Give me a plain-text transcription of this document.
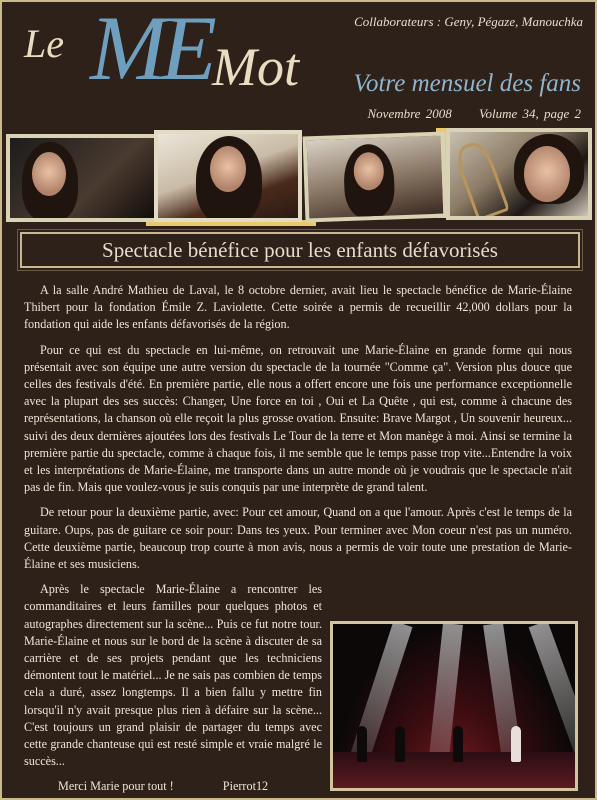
Le ME Mot
Collaborateurs : Geny, Pégaze, Manouchka
Votre mensuel des fans
Novembre 2008 Volume 34, page 2
Spectacle bénéfice pour les enfants défavorisés

A la salle André Mathieu de Laval, le 8 octobre dernier, avait lieu le spectacle bénéfice de Marie-Élaine Thibert pour la fondation Émile Z. Laviolette. Cette soirée a permis de recueillir 42,000 dollars pour la fondation qui aide les enfants défavorisés de la région.

Pour ce qui est du spectacle en lui-même, on retrouvait une Marie-Élaine en grande forme qui nous présentait avec son équipe une autre version du spectacle de la tournée "Comme ça". Version plus douce que celles des festivals d'été. En première partie, elle nous a offert encore une fois une performance exceptionnelle avec la plupart des ses succès: Changer, Une force en toi , Oui et La Quête , qui est, comme à chacune des représentations, la chanson où elle reçoit la plus grosse ovation. Ensuite: Brave Margot , Un souvenir heureux... suivi des deux dernières ajoutées lors des festivals Le Tour de la terre et Mon manège à moi. Ainsi se termine la première partie du spectacle, comme à chaque fois, il me semble que le temps passe trop vite...Entendre la voix et les interprétations de Marie-Élaine, me transporte dans un autre monde où je voudrais que le spectacle n'ait pas de fin. Mais que voulez-vous je suis conquis par une interprète de grand talent.

De retour pour la deuxième partie, avec: Pour cet amour, Quand on a que l'amour. Après c'est le temps de la guitare. Oups, pas de guitare ce soir pour: Dans tes yeux. Pour terminer avec Mon coeur n'est pas un numéro. Cette deuxième partie, beaucoup trop courte à mon avis, nous a permis de voir toute une prestation de Marie-Élaine et ses musiciens.

Après le spectacle Marie-Élaine a rencontrer les commanditaires et leurs familles pour quelques photos et autographes directement sur la scène... Puis ce fut notre tour. Marie-Élaine et nous sur le bord de la scène à discuter de sa carrière et de ses projets pendant que les techniciens démontent tout le matériel... Je ne sais pas combien de temps cela a duré, assez longtemps. Il a bien fallu y mettre fin lorsqu'il n'y avait presque plus rien à défaire sur la scène... C'est toujours un grand plaisir de partager du temps avec cette grande chanteuse qui est resté simple et vraie malgré le succès...

Merci Marie pour tout !	Pierrot12
